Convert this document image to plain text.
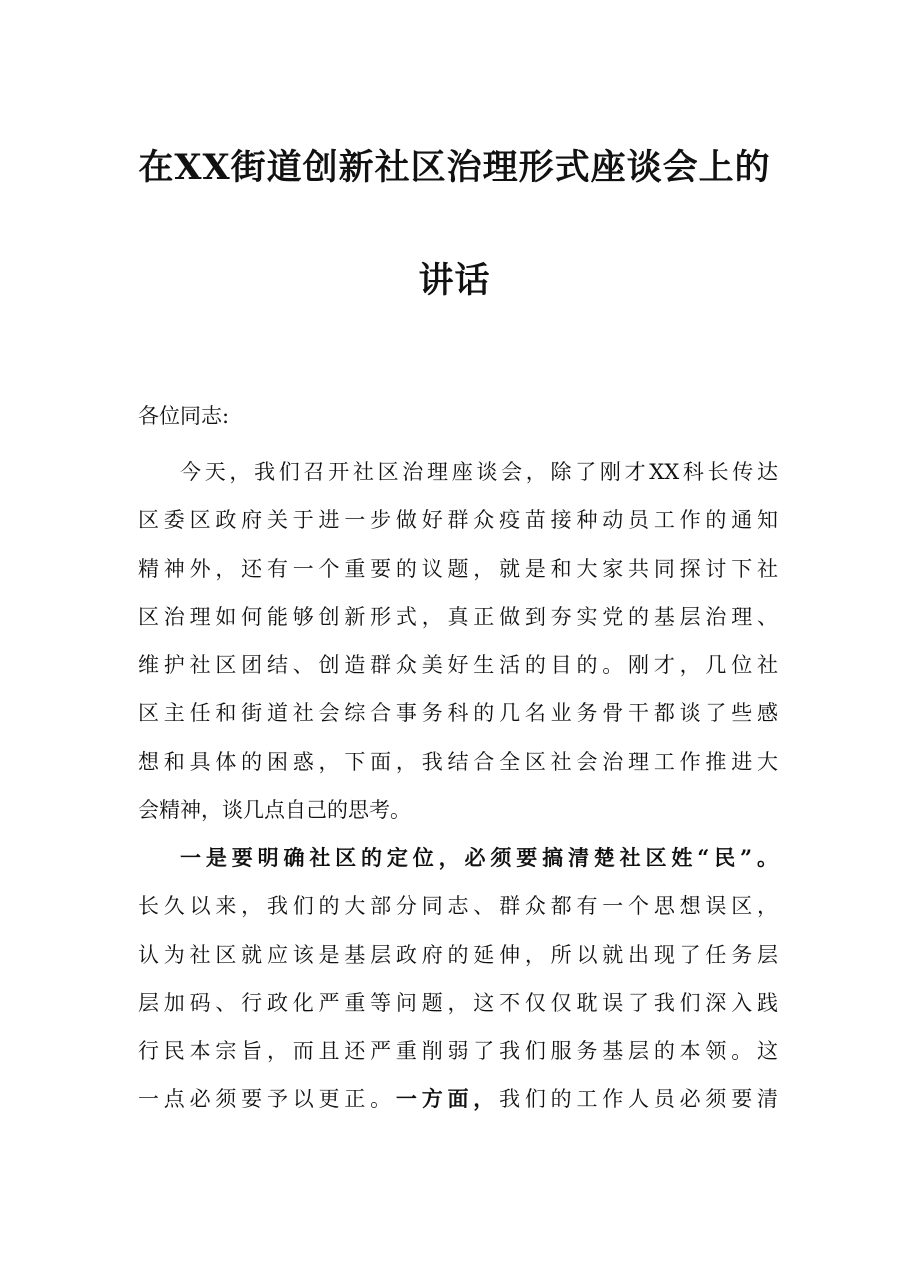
在XX街道创新社区治理形式座谈会上的
讲话
各位同志:
今天，我们召开社区治理座谈会，除了刚才XX科长传达
区委区政府关于进一步做好群众疫苗接种动员工作的通知
精神外，还有一个重要的议题，就是和大家共同探讨下社
区治理如何能够创新形式，真正做到夯实党的基层治理、
维护社区团结、创造群众美好生活的目的。刚才，几位社
区主任和街道社会综合事务科的几名业务骨干都谈了些感
想和具体的困惑，下面，我结合全区社会治理工作推进大
会精神，谈几点自己的思考。
一是要明确社区的定位，必须要搞清楚社区姓“民”。
长久以来，我们的大部分同志、群众都有一个思想误区，
认为社区就应该是基层政府的延伸，所以就出现了任务层
层加码、行政化严重等问题，这不仅仅耽误了我们深入践
行民本宗旨，而且还严重削弱了我们服务基层的本领。这
一点必须要予以更正。一方面，我们的工作人员必须要清
